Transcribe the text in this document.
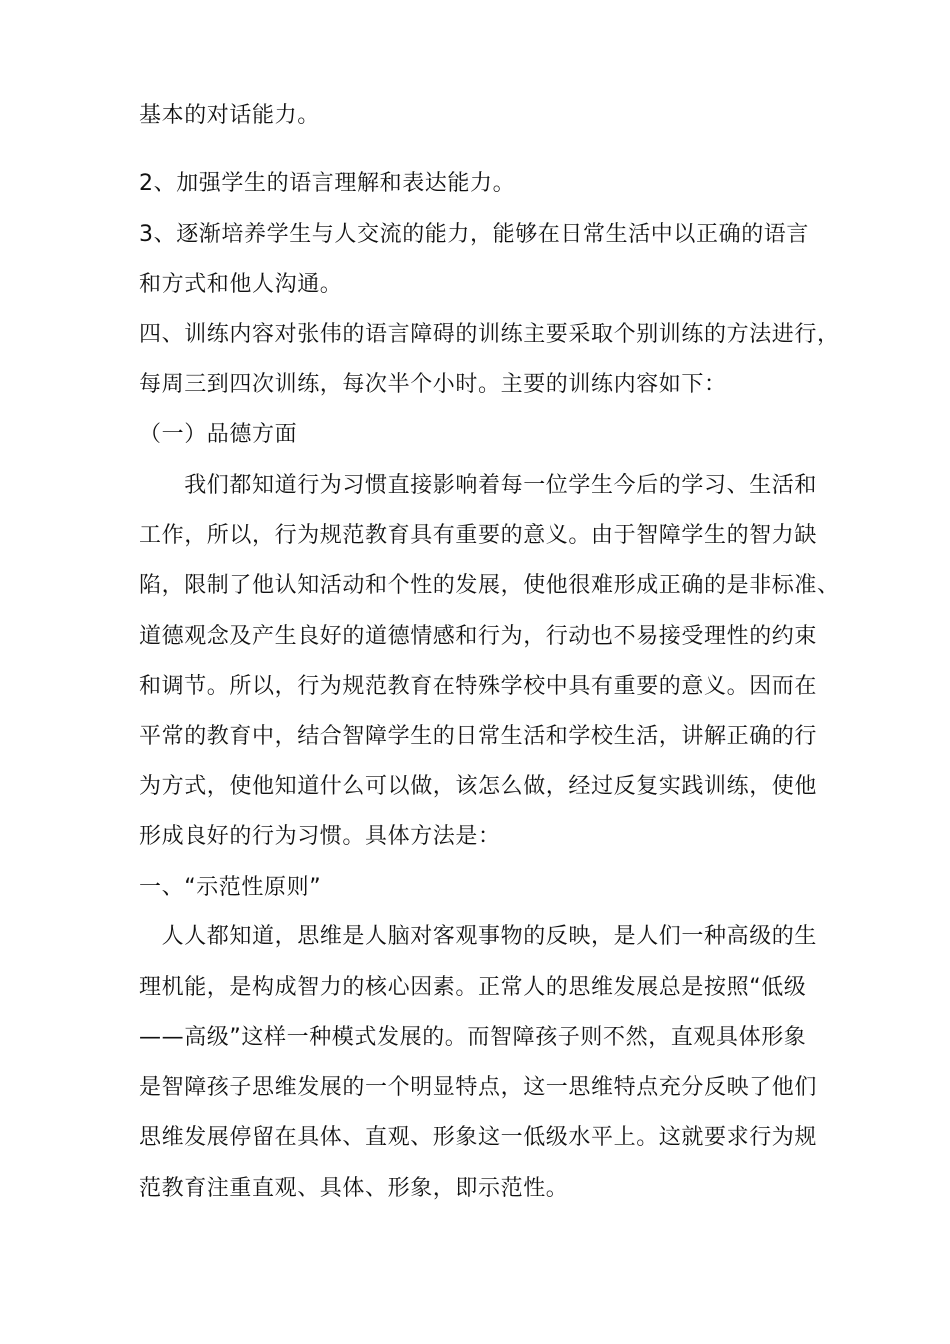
基本的对话能力。
2、加强学生的语言理解和表达能力。
3、逐渐培养学生与人交流的能力，能够在日常生活中以正确的语言
和方式和他人沟通。
四、训练内容对张伟的语言障碍的训练主要采取个别训练的方法进行，
每周三到四次训练，每次半个小时。主要的训练内容如下：
（一）品德方面
　　我们都知道行为习惯直接影响着每一位学生今后的学习、生活和
工作，所以，行为规范教育具有重要的意义。由于智障学生的智力缺
陷，限制了他认知活动和个性的发展，使他很难形成正确的是非标准、
道德观念及产生良好的道德情感和行为，行动也不易接受理性的约束
和调节。所以，行为规范教育在特殊学校中具有重要的意义。因而在
平常的教育中，结合智障学生的日常生活和学校生活，讲解正确的行
为方式，使他知道什么可以做，该怎么做，经过反复实践训练，使他
形成良好的行为习惯。具体方法是：
一、“示范性原则”
　人人都知道，思维是人脑对客观事物的反映，是人们一种高级的生
理机能，是构成智力的核心因素。正常人的思维发展总是按照“低级
——高级”这样一种模式发展的。而智障孩子则不然，直观具体形象
是智障孩子思维发展的一个明显特点，这一思维特点充分反映了他们
思维发展停留在具体、直观、形象这一低级水平上。这就要求行为规
范教育注重直观、具体、形象，即示范性。
